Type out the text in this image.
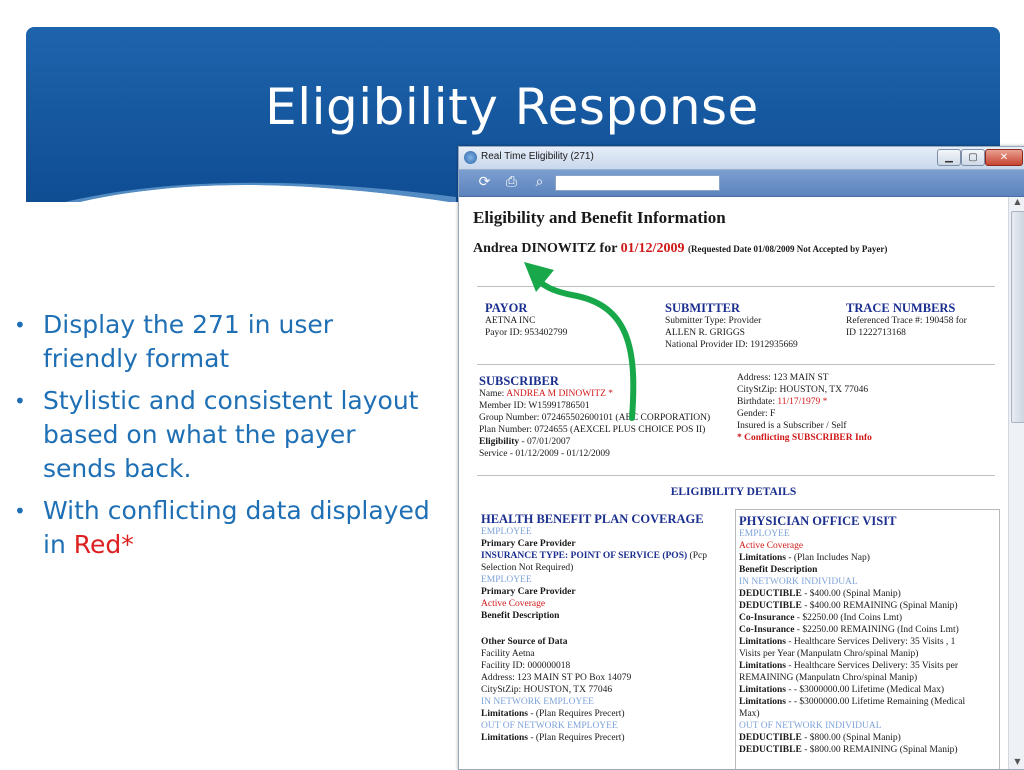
Eligibility Response
• Display the 271 in user friendly format
• Stylistic and consistent layout based on what the payer sends back.
• With conflicting data displayed in Red*
Real Time Eligibility (271)	▁	▢	✕
⟳ ⎙	⌕
Eligibility and Benefit Information
Andrea DINOWITZ for 01/12/2009 (Requested Date 01/08/2009 Not Accepted by Payer)
PAYOR
AETNA INC
Payor ID: 953402799
SUBMITTER
Submitter Type: Provider
ALLEN R. GRIGGS
National Provider ID: 1912935669
TRACE NUMBERS
Referenced Trace #: 190458 for
ID 1222713168
SUBSCRIBER
Name: ANDREA M DINOWITZ *
Member ID: W15991786501
Group Number: 072465502600101 (ABC CORPORATION)
Plan Number: 0724655 (AEXCEL PLUS CHOICE POS II)
Eligibility - 07/01/2007
Service - 01/12/2009 - 01/12/2009
Address: 123 MAIN ST
CityStZip: HOUSTON, TX 77046
Birthdate: 11/17/1979 *
Gender: F
Insured is a Subscriber / Self
* Conflicting SUBSCRIBER Info
ELIGIBILITY DETAILS
HEALTH BENEFIT PLAN COVERAGE
EMPLOYEE
Primary Care Provider
INSURANCE TYPE: POINT OF SERVICE (POS) (Pcp
Selection Not Required)
EMPLOYEE
Primary Care Provider
Active Coverage
Benefit Description
Other Source of Data
Facility Aetna
Facility ID: 000000018
Address: 123 MAIN ST PO Box 14079
CityStZip: HOUSTON, TX 77046
IN NETWORK EMPLOYEE
Limitations - (Plan Requires Precert)
OUT OF NETWORK EMPLOYEE
Limitations - (Plan Requires Precert)
PHYSICIAN OFFICE VISIT
EMPLOYEE
Active Coverage
Limitations - (Plan Includes Nap)
Benefit Description
IN NETWORK INDIVIDUAL
DEDUCTIBLE - $400.00 (Spinal Manip)
DEDUCTIBLE - $400.00 REMAINING (Spinal Manip)
Co-Insurance - $2250.00 (Ind Coins Lmt)
Co-Insurance - $2250.00 REMAINING (Ind Coins Lmt)
Limitations - Healthcare Services Delivery: 35 Visits , 1
Visits per Year (Manpulatn Chro/spinal Manip)
Limitations - Healthcare Services Delivery: 35 Visits per
REMAINING (Manpulatn Chro/spinal Manip)
Limitations - - $3000000.00 Lifetime (Medical Max)
Limitations - - $3000000.00 Lifetime Remaining (Medical
Max)
OUT OF NETWORK INDIVIDUAL
DEDUCTIBLE - $800.00 (Spinal Manip)
DEDUCTIBLE - $800.00 REMAINING (Spinal Manip)
▲
▼
